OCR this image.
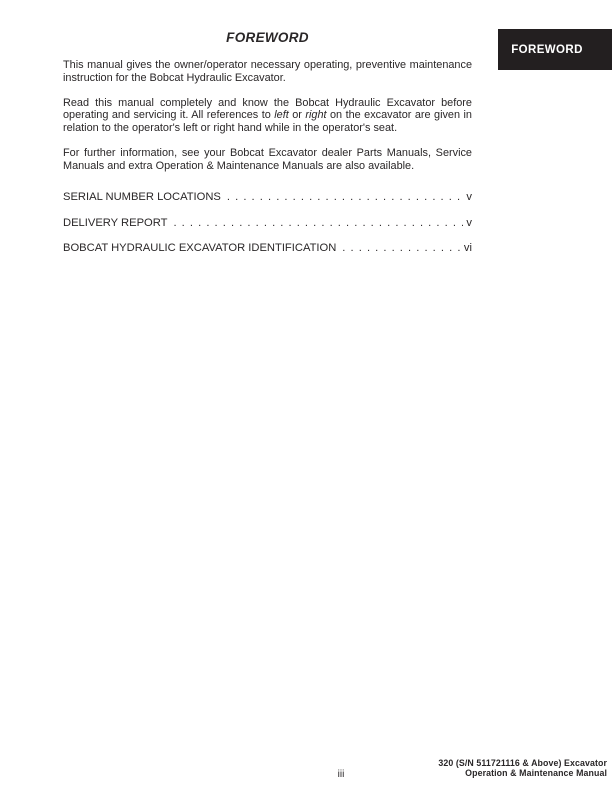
FOREWORD
FOREWORD

This manual gives the owner/operator necessary operating, preventive maintenance instruction for the Bobcat Hydraulic Excavator.

Read this manual completely and know the Bobcat Hydraulic Excavator before operating and servicing it. All references to left or right on the excavator are given in relation to the operator's left or right hand while in the operator's seat.

For further information, see your Bobcat Excavator dealer Parts Manuals, Service Manuals and extra Operation & Maintenance Manuals are also available.

SERIAL NUMBER LOCATIONS . . .	v
DELIVERY REPORT . . .	v
BOBCAT HYDRAULIC EXCAVATOR IDENTIFICATION . . .	vi
iii
320 (S/N 511721116 & Above) Excavator
Operation & Maintenance Manual
